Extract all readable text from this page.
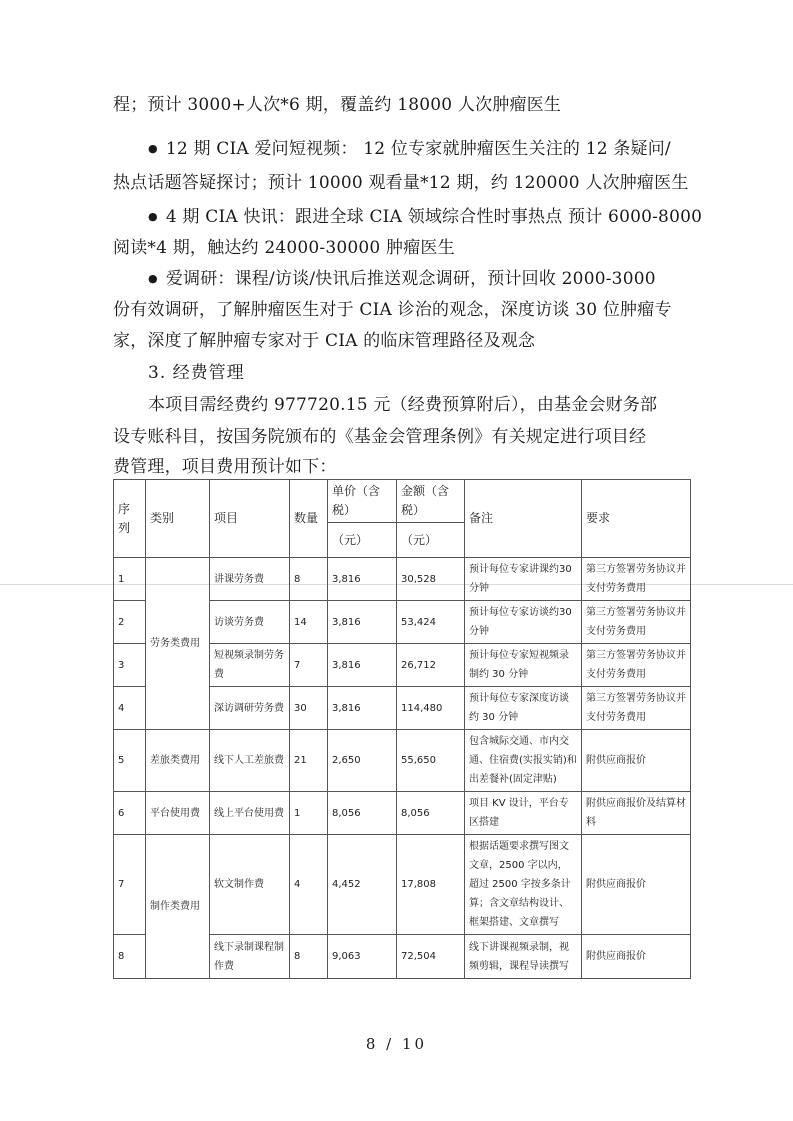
程；预计 3000+人次*6 期，覆盖约 18000 人次肿瘤医生
● 12 期 CIA 爱问短视频： 12 位专家就肿瘤医生关注的 12 条疑问/
热点话题答疑探讨；预计 10000 观看量*12 期，约 120000 人次肿瘤医生
● 4 期 CIA 快讯：跟进全球 CIA 领域综合性时事热点 预计 6000-8000
阅读*4 期，触达约 24000-30000 肿瘤医生
● 爱调研：课程/访谈/快讯后推送观念调研，预计回收 2000-3000
份有效调研，了解肿瘤医生对于 CIA 诊治的观念，深度访谈 30 位肿瘤专
家，深度了解肿瘤专家对于 CIA 的临床管理路径及观念
3. 经费管理
本项目需经费约 977720.15 元（经费预算附后），由基金会财务部
设专账科目，按国务院颁布的《基金会管理条例》有关规定进行项目经
费管理，项目费用预计如下：
序列	类别	项目	数量	单价（含税）	金额（含税）	备注	要求
				（元）	（元）		
1	劳务类费用	讲课劳务费	8	3,816	30,528	预计每位专家讲课约30 分钟	第三方签署劳务协议并支付劳务费用
2		访谈劳务费	14	3,816	53,424	预计每位专家访谈约30 分钟	第三方签署劳务协议并支付劳务费用
3		短视频录制劳务费	7	3,816	26,712	预计每位专家短视频录制约 30 分钟	第三方签署劳务协议并支付劳务费用
4		深访调研劳务费	30	3,816	114,480	预计每位专家深度访谈约 30 分钟	第三方签署劳务协议并支付劳务费用
5	差旅类费用	线下人工差旅费	21	2,650	55,650	包含城际交通、市内交通、住宿费(实报实销)和出差餐补(固定津贴)	附供应商报价
6	平台使用费	线上平台使用费	1	8,056	8,056	项目 KV 设计，平台专区搭建	附供应商报价及结算材料
7	制作类费用	软文制作费	4	4,452	17,808	根据话题要求撰写图文文章，2500 字以内，超过 2500 字按多条计算；含文章结构设计、框架搭建、文章撰写	附供应商报价
8		线下录制课程制作费	8	9,063	72,504	线下讲课视频录制，视频剪辑，课程导读撰写	附供应商报价
8 / 10
